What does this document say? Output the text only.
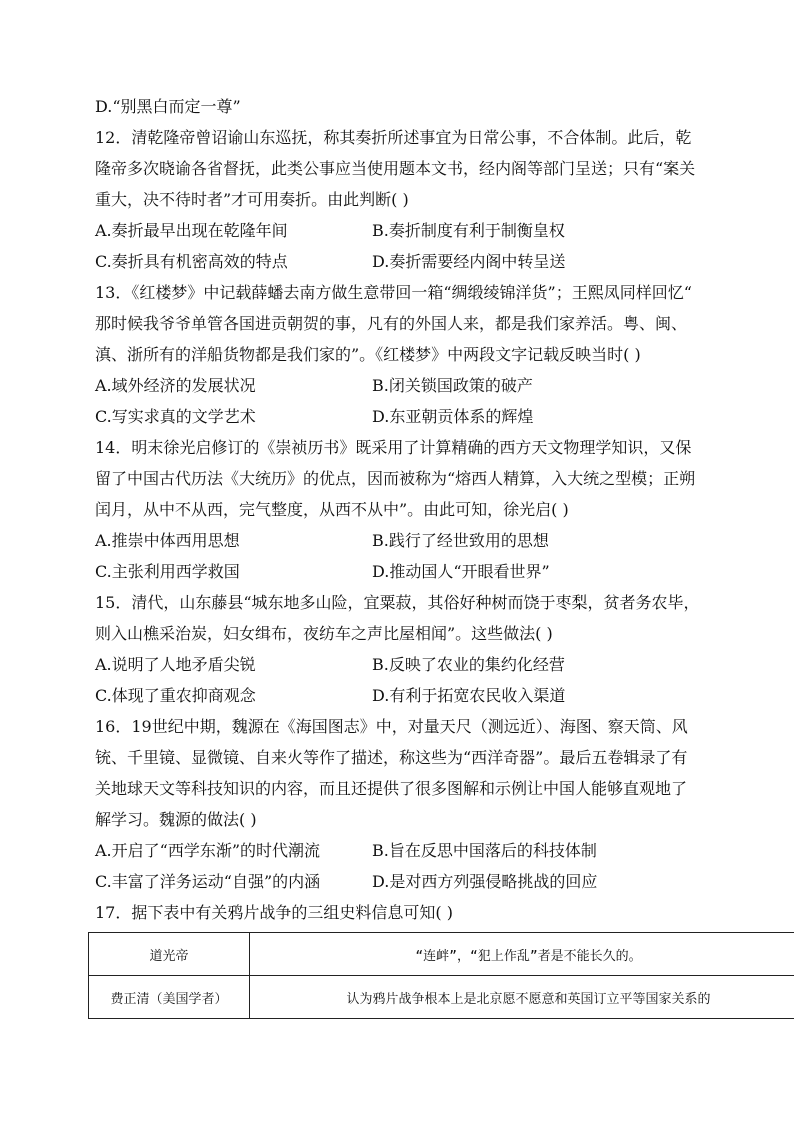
D.“别黑白而定一尊”
12．清乾隆帝曾诏谕山东巡抚，称其奏折所述事宜为日常公事，不合体制。此后，乾
隆帝多次晓谕各省督抚，此类公事应当使用题本文书，经内阁等部门呈送；只有“案关
重大，决不待时者”才可用奏折。由此判断( )
A.奏折最早出现在乾隆年间	B.奏折制度有利于制衡皇权
C.奏折具有机密高效的特点	D.奏折需要经内阁中转呈送
13．《红楼梦》中记载薛蟠去南方做生意带回一箱“绸缎绫锦洋货”；王熙凤同样回忆“
那时候我爷爷单管各国进贡朝贺的事，凡有的外国人来，都是我们家养活。粤、闽、
滇、浙所有的洋船货物都是我们家的”。《红楼梦》中两段文字记载反映当时( )
A.域外经济的发展状况	B.闭关锁国政策的破产
C.写实求真的文学艺术	D.东亚朝贡体系的辉煌
14．明末徐光启修订的《崇祯历书》既采用了计算精确的西方天文物理学知识，又保
留了中国古代历法《大统历》的优点，因而被称为“熔西人精算，入大统之型模；正朔
闰月，从中不从西，完气整度，从西不从中”。由此可知，徐光启( )
A.推崇中体西用思想	B.践行了经世致用的思想
C.主张利用西学救国	D.推动国人“开眼看世界”
15．清代，山东藤县“城东地多山险，宜粟菽，其俗好种树而饶于枣梨，贫者务农毕，
则入山樵采治炭，妇女缉布，夜纺车之声比屋相闻”。这些做法( )
A.说明了人地矛盾尖锐	B.反映了农业的集约化经营
C.体现了重农抑商观念	D.有利于拓宽农民收入渠道
16．19世纪中期，魏源在《海国图志》中，对量天尺（测远近）、海图、察天筒、风
铳、千里镜、显微镜、自来火等作了描述，称这些为“西洋奇器”。最后五卷辑录了有
关地球天文等科技知识的内容，而且还提供了很多图解和示例让中国人能够直观地了
解学习。魏源的做法( )
A.开启了“西学东渐”的时代潮流	B.旨在反思中国落后的科技体制
C.丰富了洋务运动“自强”的内涵	D.是对西方列强侵略挑战的回应
17．据下表中有关鸦片战争的三组史料信息可知( )
道光帝	“连衅”，“犯上作乱”者是不能长久的。
费正清（美国学者）	认为鸦片战争根本上是北京愿不愿意和英国订立平等国家关系的
